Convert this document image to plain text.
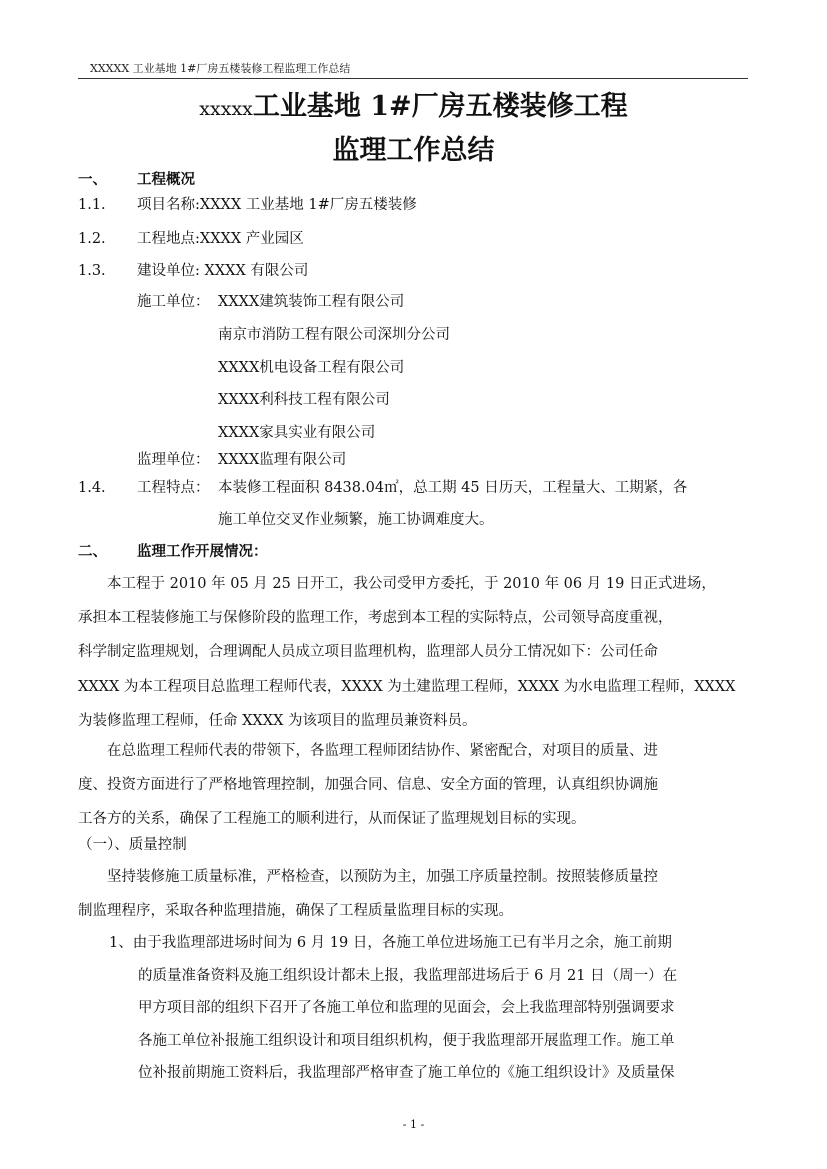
XXXXX 工业基地 1#厂房五楼装修工程监理工作总结
xxxxx工业基地 1#厂房五楼装修工程
监理工作总结
一、 工程概况
1.1. 项目名称:XXXX 工业基地 1#厂房五楼装修
1.2. 工程地点:XXXX 产业园区
1.3. 建设单位: XXXX 有限公司
施工单位： XXXX建筑装饰工程有限公司
南京市消防工程有限公司深圳分公司
XXXX机电设备工程有限公司
XXXX利科技工程有限公司
XXXX家具实业有限公司
监理单位： XXXX监理有限公司
1.4. 工程特点： 本装修工程面积 8438.04㎡，总工期 45 日历天，工程量大、工期紧，各
施工单位交叉作业频繁，施工协调难度大。
二、 监理工作开展情况：
　　本工程于 2010 年 05 月 25 日开工，我公司受甲方委托，于 2010 年 06 月 19 日正式进场，
承担本工程装修施工与保修阶段的监理工作，考虑到本工程的实际特点，公司领导高度重视，
科学制定监理规划，合理调配人员成立项目监理机构，监理部人员分工情况如下：公司任命
XXXX 为本工程项目总监理工程师代表，XXXX 为土建监理工程师，XXXX 为水电监理工程师，XXXX
为装修监理工程师，任命 XXXX 为该项目的监理员兼资料员。
　　在总监理工程师代表的带领下，各监理工程师团结协作、紧密配合，对项目的质量、进
度、投资方面进行了严格地管理控制，加强合同、信息、安全方面的管理，认真组织协调施
工各方的关系，确保了工程施工的顺利进行，从而保证了监理规划目标的实现。
（一）、质量控制
　　坚持装修施工质量标准，严格检查，以预防为主，加强工序质量控制。按照装修质量控
制监理程序，采取各种监理措施，确保了工程质量监理目标的实现。
1、由于我监理部进场时间为 6 月 19 日，各施工单位进场施工已有半月之余，施工前期
　　的质量准备资料及施工组织设计都未上报，我监理部进场后于 6 月 21 日（周一）在
　　甲方项目部的组织下召开了各施工单位和监理的见面会，会上我监理部特别强调要求
　　各施工单位补报施工组织设计和项目组织机构，便于我监理部开展监理工作。施工单
　　位补报前期施工资料后，我监理部严格审查了施工单位的《施工组织设计》及质量保
- 1 -
